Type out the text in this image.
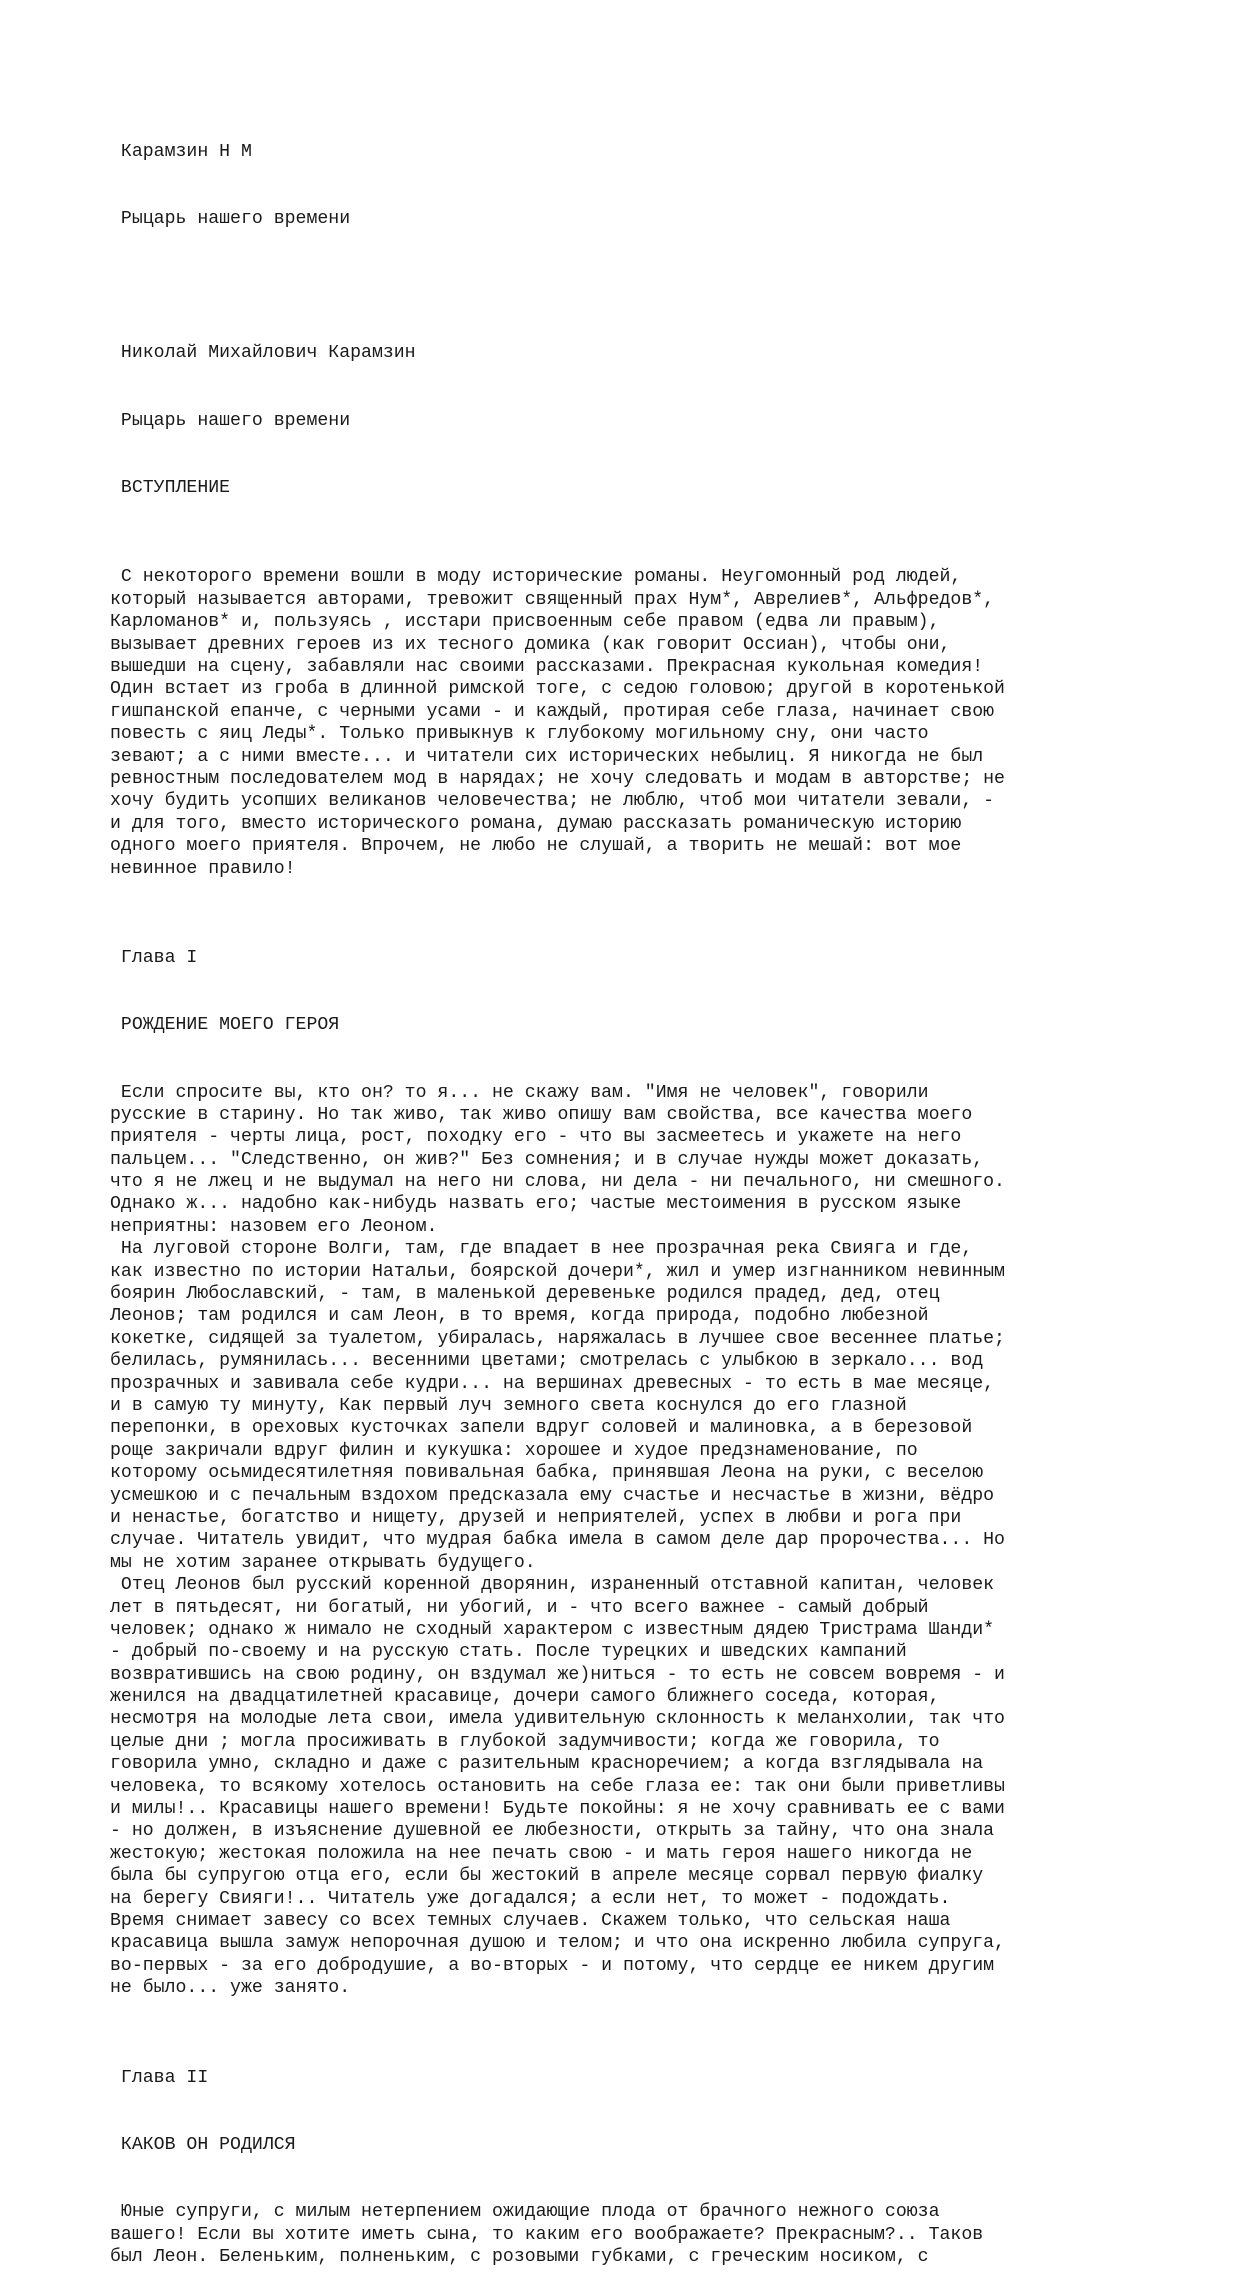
Карамзин Н М

Рыцарь нашего времени

Николай Михайлович Карамзин

Рыцарь нашего времени

ВСТУПЛЕНИЕ

С некоторого времени вошли в моду исторические романы. Неугомонный род людей,
который называется авторами, тревожит священный прах Нум*, Аврелиев*, Альфредов*,
Карломанов* и, пользуясь , исстари присвоенным себе правом (едва ли правым),
вызывает древних героев из их тесного домика (как говорит Оссиан), чтобы они,
вышедши на сцену, забавляли нас своими рассказами. Прекрасная кукольная комедия!
Один встает из гроба в длинной римской тоге, с седою головою; другой в коротенькой
гишпанской епанче, с черными усами - и каждый, протирая себе глаза, начинает свою
повесть с яиц Леды*. Только привыкнув к глубокому могильному сну, они часто
зевают; а с ними вместе... и читатели сих исторических небылиц. Я никогда не был
ревностным последователем мод в нарядах; не хочу следовать и модам в авторстве; не
хочу будить усопших великанов человечества; не люблю, чтоб мои читатели зевали, -
и для того, вместо исторического романа, думаю рассказать романическую историю
одного моего приятеля. Впрочем, не любо не слушай, а творить не мешай: вот мое
невинное правило!

Глава I

РОЖДЕНИЕ МОЕГО ГЕРОЯ

Если спросите вы, кто он? то я... не скажу вам. "Имя не человек", говорили
русские в старину. Но так живо, так живо опишу вам свойства, все качества моего
приятеля - черты лица, рост, походку его - что вы засмеетесь и укажете на него
пальцем... "Следственно, он жив?" Без сомнения; и в случае нужды может доказать,
что я не лжец и не выдумал на него ни слова, ни дела - ни печального, ни смешного.
Однако ж... надобно как-нибудь назвать его; частые местоимения в русском языке
неприятны: назовем его Леоном.
На луговой стороне Волги, там, где впадает в нее прозрачная река Свияга и где,
как известно по истории Натальи, боярской дочери*, жил и умер изгнанником невинным
боярин Любославский, - там, в маленькой деревеньке родился прадед, дед, отец
Леонов; там родился и сам Леон, в то время, когда природа, подобно любезной
кокетке, сидящей за туалетом, убиралась, наряжалась в лучшее свое весеннее платье;
белилась, румянилась... весенними цветами; смотрелась с улыбкою в зеркало... вод
прозрачных и завивала себе кудри... на вершинах древесных - то есть в мае месяце,
и в самую ту минуту, Как первый луч земного света коснулся до его глазной
перепонки, в ореховых кусточках запели вдруг соловей и малиновка, а в березовой
роще закричали вдруг филин и кукушка: хорошее и худое предзнаменование, по
которому осьмидесятилетняя повивальная бабка, принявшая Леона на руки, с веселою
усмешкою и с печальным вздохом предсказала ему счастье и несчастье в жизни, вёдро
и ненастье, богатство и нищету, друзей и неприятелей, успех в любви и рога при
случае. Читатель увидит, что мудрая бабка имела в самом деле дар пророчества... Но
мы не хотим заранее открывать будущего.
Отец Леонов был русский коренной дворянин, израненный отставной капитан, человек
лет в пятьдесят, ни богатый, ни убогий, и - что всего важнее - самый добрый
человек; однако ж нимало не сходный характером с известным дядею Тристрама Шанди*
- добрый по-своему и на русскую стать. После турецких и шведских кампаний
возвратившись на свою родину, он вздумал же)ниться - то есть не совсем вовремя - и
женился на двадцатилетней красавице, дочери самого ближнего соседа, которая,
несмотря на молодые лета свои, имела удивительную склонность к меланхолии, так что
целые дни ; могла просиживать в глубокой задумчивости; когда же говорила, то
говорила умно, складно и даже с разительным красноречием; а когда взглядывала на
человека, то всякому хотелось остановить на себе глаза ее: так они были приветливы
и милы!.. Красавицы нашего времени! Будьте покойны: я не хочу сравнивать ее с вами
- но должен, в изъяснение душевной ее любезности, открыть за тайну, что она знала
жестокую; жестокая положила на нее печать свою - и мать героя нашего никогда не
была бы супругою отца его, если бы жестокий в апреле месяце сорвал первую фиалку
на берегу Свияги!.. Читатель уже догадался; а если нет, то может - подождать.
Время снимает завесу со всех темных случаев. Скажем только, что сельская наша
красавица вышла замуж непорочная душою и телом; и что она искренно любила супруга,
во-первых - за его добродушие, а во-вторых - и потому, что сердце ее никем другим
не было... уже занято.

Глава II

КАКОВ ОН РОДИЛСЯ

Юные супруги, с милым нетерпением ожидающие плода от брачного нежного союза
вашего! Если вы хотите иметь сына, то каким его воображаете? Прекрасным?.. Таков
был Леон. Беленьким, полненьким, с розовыми губками, с греческим носиком, с
